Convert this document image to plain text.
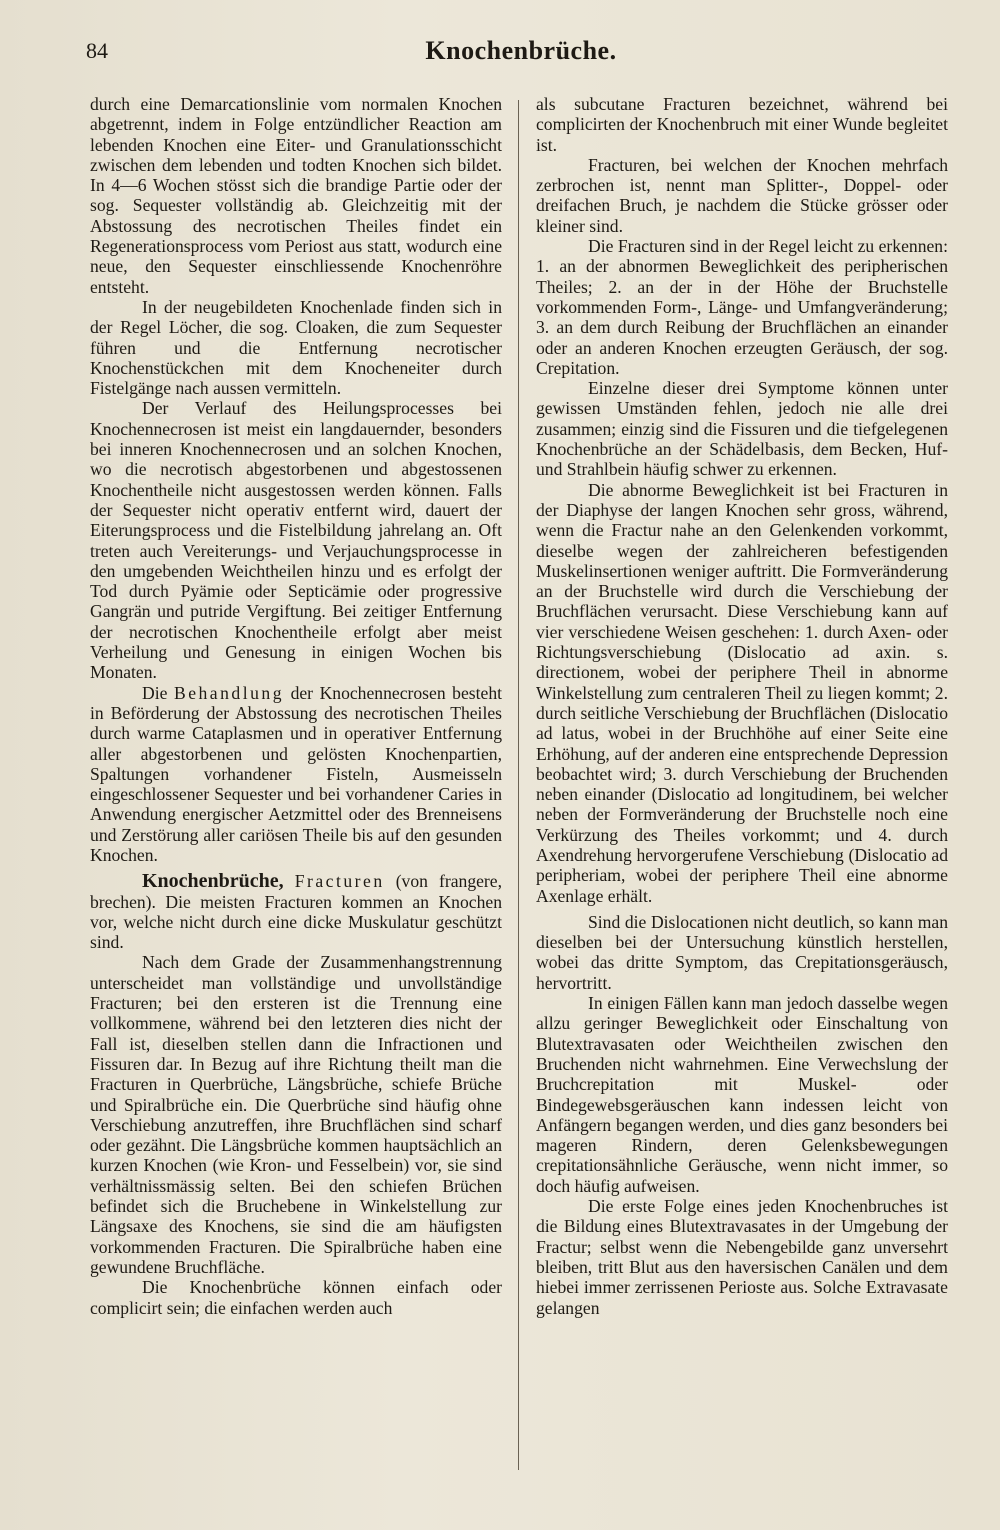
84	Knochenbrüche.

durch eine Demarcationslinie vom normalen Knochen abgetrennt, indem in Folge entzündlicher Reaction am lebenden Knochen eine Eiter- und Granulationsschicht zwischen dem lebenden und todten Knochen sich bildet. In 4—6 Wochen stösst sich die brandige Partie oder der sog. Sequester vollständig ab. Gleichzeitig mit der Abstossung des necrotischen Theiles findet ein Regenerationsprocess vom Periost aus statt, wodurch eine neue, den Sequester einschliessende Knochenröhre entsteht.

In der neugebildeten Knochenlade finden sich in der Regel Löcher, die sog. Cloaken, die zum Sequester führen und die Entfernung necrotischer Knochenstückchen mit dem Knocheneiter durch Fistelgänge nach aussen vermitteln.

Der Verlauf des Heilungsprocesses bei Knochennecrosen ist meist ein langdauernder, besonders bei inneren Knochennecrosen und an solchen Knochen, wo die necrotisch abgestorbenen und abgestossenen Knochentheile nicht ausgestossen werden können. Falls der Sequester nicht operativ entfernt wird, dauert der Eiterungsprocess und die Fistelbildung jahrelang an. Oft treten auch Vereiterungs- und Verjauchungsprocesse in den umgebenden Weichtheilen hinzu und es erfolgt der Tod durch Pyämie oder Septicämie oder progressive Gangrän und putride Vergiftung. Bei zeitiger Entfernung der necrotischen Knochentheile erfolgt aber meist Verheilung und Genesung in einigen Wochen bis Monaten.

Die Behandlung der Knochennecrosen besteht in Beförderung der Abstossung des necrotischen Theiles durch warme Cataplasmen und in operativer Entfernung aller abgestorbenen und gelösten Knochenpartien, Spaltungen vorhandener Fisteln, Ausmeisseln eingeschlossener Sequester und bei vorhandener Caries in Anwendung energischer Aetzmittel oder des Brenneisens und Zerstörung aller cariösen Theile bis auf den gesunden Knochen.

Knochenbrüche, Fracturen (von frangere, brechen). Die meisten Fracturen kommen an Knochen vor, welche nicht durch eine dicke Muskulatur geschützt sind.

Nach dem Grade der Zusammenhangstrennung unterscheidet man vollständige und unvollständige Fracturen; bei den ersteren ist die Trennung eine vollkommene, während bei den letzteren dies nicht der Fall ist, dieselben stellen dann die Infractionen und Fissuren dar. In Bezug auf ihre Richtung theilt man die Fracturen in Querbrüche, Längsbrüche, schiefe Brüche und Spiralbrüche ein. Die Querbrüche sind häufig ohne Verschiebung anzutreffen, ihre Bruchflächen sind scharf oder gezähnt. Die Längsbrüche kommen hauptsächlich an kurzen Knochen (wie Kron- und Fesselbein) vor, sie sind verhältnissmässig selten. Bei den schiefen Brüchen befindet sich die Bruchebene in Winkelstellung zur Längsaxe des Knochens, sie sind die am häufigsten vorkommenden Fracturen. Die Spiralbrüche haben eine gewundene Bruchfläche.

Die Knochenbrüche können einfach oder complicirt sein; die einfachen werden auch

als subcutane Fracturen bezeichnet, während bei complicirten der Knochenbruch mit einer Wunde begleitet ist.

Fracturen, bei welchen der Knochen mehrfach zerbrochen ist, nennt man Splitter-, Doppel- oder dreifachen Bruch, je nachdem die Stücke grösser oder kleiner sind.

Die Fracturen sind in der Regel leicht zu erkennen: 1. an der abnormen Beweglichkeit des peripherischen Theiles; 2. an der in der Höhe der Bruchstelle vorkommenden Form-, Länge- und Umfangveränderung; 3. an dem durch Reibung der Bruchflächen an einander oder an anderen Knochen erzeugten Geräusch, der sog. Crepitation.

Einzelne dieser drei Symptome können unter gewissen Umständen fehlen, jedoch nie alle drei zusammen; einzig sind die Fissuren und die tiefgelegenen Knochenbrüche an der Schädelbasis, dem Becken, Huf- und Strahlbein häufig schwer zu erkennen.

Die abnorme Beweglichkeit ist bei Fracturen in der Diaphyse der langen Knochen sehr gross, während, wenn die Fractur nahe an den Gelenkenden vorkommt, dieselbe wegen der zahlreicheren befestigenden Muskelinsertionen weniger auftritt. Die Formveränderung an der Bruchstelle wird durch die Verschiebung der Bruchflächen verursacht. Diese Verschiebung kann auf vier verschiedene Weisen geschehen: 1. durch Axen- oder Richtungsverschiebung (Dislocatio ad axin. s. directionem, wobei der periphere Theil in abnorme Winkelstellung zum centraleren Theil zu liegen kommt; 2. durch seitliche Verschiebung der Bruchflächen (Dislocatio ad latus, wobei in der Bruchhöhe auf einer Seite eine Erhöhung, auf der anderen eine entsprechende Depression beobachtet wird; 3. durch Verschiebung der Bruchenden neben einander (Dislocatio ad longitudinem, bei welcher neben der Formveränderung der Bruchstelle noch eine Verkürzung des Theiles vorkommt; und 4. durch Axendrehung hervorgerufene Verschiebung (Dislocatio ad peripheriam, wobei der periphere Theil eine abnorme Axenlage erhält.

Sind die Dislocationen nicht deutlich, so kann man dieselben bei der Untersuchung künstlich herstellen, wobei das dritte Symptom, das Crepitationsgeräusch, hervortritt.

In einigen Fällen kann man jedoch dasselbe wegen allzu geringer Beweglichkeit oder Einschaltung von Blutextravasaten oder Weichtheilen zwischen den Bruchenden nicht wahrnehmen. Eine Verwechslung der Bruchcrepitation mit Muskel- oder Bindegewebsgeräuschen kann indessen leicht von Anfängern begangen werden, und dies ganz besonders bei mageren Rindern, deren Gelenksbewegungen crepitationsähnliche Geräusche, wenn nicht immer, so doch häufig aufweisen.

Die erste Folge eines jeden Knochenbruches ist die Bildung eines Blutextravasates in der Umgebung der Fractur; selbst wenn die Nebengebilde ganz unversehrt bleiben, tritt Blut aus den haversischen Canälen und dem hiebei immer zerrissenen Perioste aus. Solche Extravasate gelangen
